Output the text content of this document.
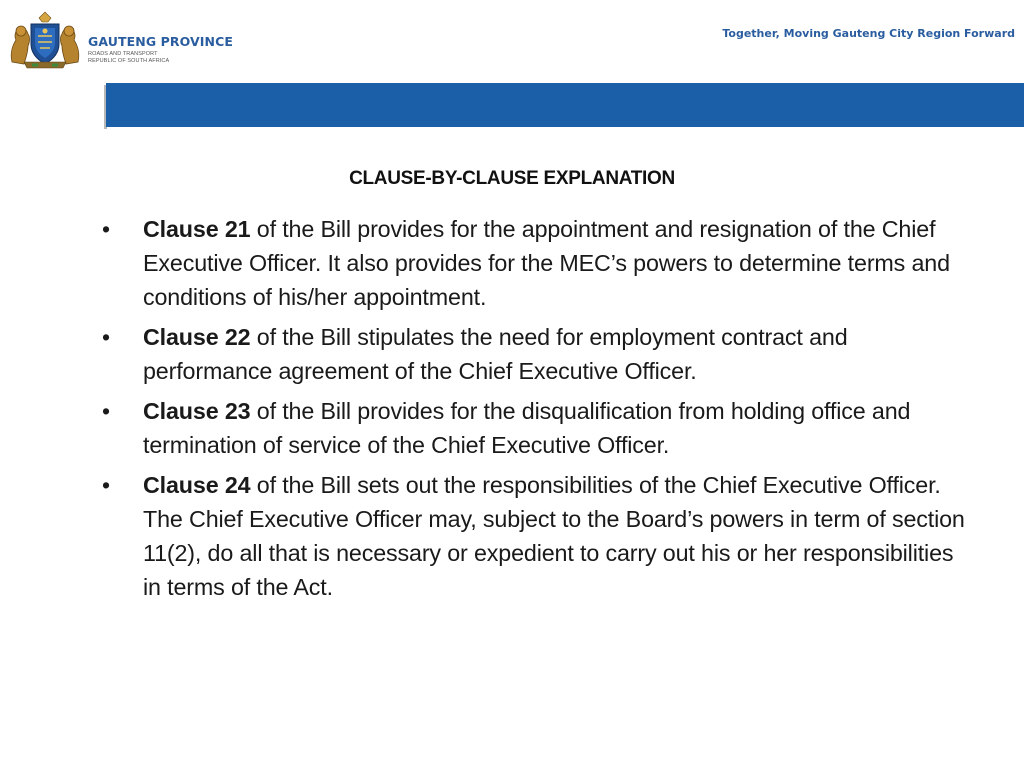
GAUTENG PROVINCE
ROADS AND TRANSPORT
REPUBLIC OF SOUTH AFRICA
Together, Moving Gauteng City Region Forward
CLAUSE-BY-CLAUSE EXPLANATION
•	Clause 21 of the Bill provides for the appointment and resignation of the Chief Executive Officer. It also provides for the MEC’s powers to determine terms and conditions of his/her appointment.
•	Clause 22 of the Bill stipulates the need for employment contract and performance agreement of the Chief Executive Officer.
•	Clause 23 of the Bill provides for the disqualification from holding office and termination of service of the Chief Executive Officer.
•	Clause 24 of the Bill sets out the responsibilities of the Chief Executive Officer. The Chief Executive Officer may, subject to the Board’s powers in term of section 11(2), do all that is necessary or expedient to carry out his or her responsibilities in terms of the Act.
